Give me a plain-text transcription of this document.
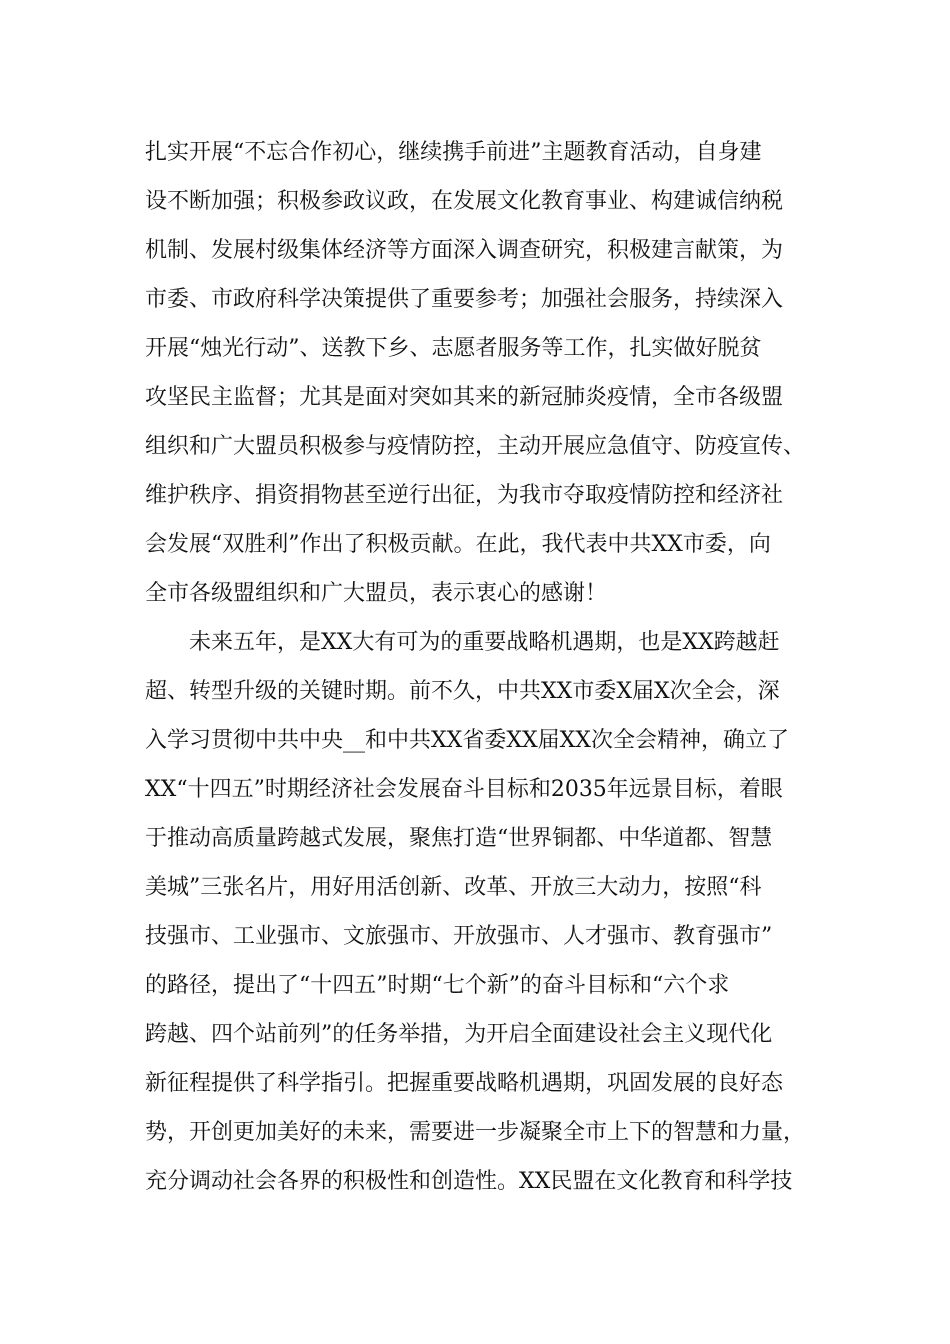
扎实开展“不忘合作初心，继续携手前进”主题教育活动，自身建
设不断加强；积极参政议政，在发展文化教育事业、构建诚信纳税
机制、发展村级集体经济等方面深入调查研究，积极建言献策，为
市委、市政府科学决策提供了重要参考；加强社会服务，持续深入
开展“烛光行动”、送教下乡、志愿者服务等工作，扎实做好脱贫
攻坚民主监督；尤其是面对突如其来的新冠肺炎疫情，全市各级盟
组织和广大盟员积极参与疫情防控，主动开展应急值守、防疫宣传、
维护秩序、捐资捐物甚至逆行出征，为我市夺取疫情防控和经济社
会发展“双胜利”作出了积极贡献。在此，我代表中共XX市委，向
全市各级盟组织和广大盟员，表示衷心的感谢！
未来五年，是XX大有可为的重要战略机遇期，也是XX跨越赶
超、转型升级的关键时期。前不久，中共XX市委X届X次全会，深
入学习贯彻中共中央__和中共XX省委XX届XX次全会精神，确立了
XX“十四五”时期经济社会发展奋斗目标和2035年远景目标，着眼
于推动高质量跨越式发展，聚焦打造“世界铜都、中华道都、智慧
美城”三张名片，用好用活创新、改革、开放三大动力，按照“科
技强市、工业强市、文旅强市、开放强市、人才强市、教育强市”
的路径，提出了“十四五”时期“七个新”的奋斗目标和“六个求
跨越、四个站前列”的任务举措，为开启全面建设社会主义现代化
新征程提供了科学指引。把握重要战略机遇期，巩固发展的良好态
势，开创更加美好的未来，需要进一步凝聚全市上下的智慧和力量，
充分调动社会各界的积极性和创造性。XX民盟在文化教育和科学技
